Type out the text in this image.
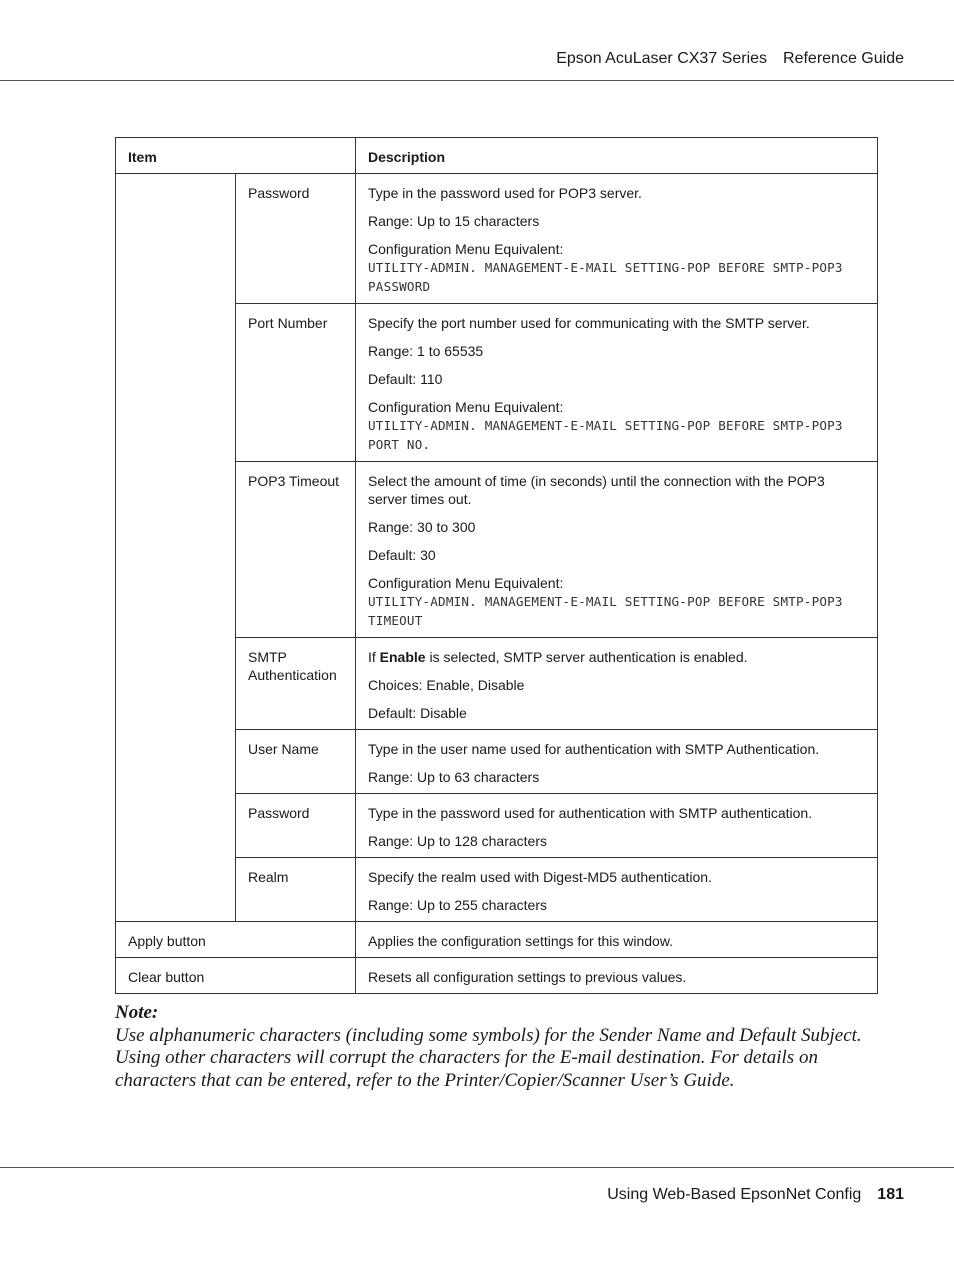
Epson AcuLaser CX37 Series Reference Guide
Item		Description
	Password	Type in the password used for POP3 server.

Range: Up to 15 characters

Configuration Menu Equivalent:
UTILITY-ADMIN. MANAGEMENT-E-MAIL SETTING-POP BEFORE SMTP-POP3 PASSWORD

	Port Number	Specify the port number used for communicating with the SMTP server.

Range: 1 to 65535

Default: 110

Configuration Menu Equivalent:
UTILITY-ADMIN. MANAGEMENT-E-MAIL SETTING-POP BEFORE SMTP-POP3 PORT NO.

	POP3 Timeout	Select the amount of time (in seconds) until the connection with the POP3 server times out.

Range: 30 to 300

Default: 30

Configuration Menu Equivalent:
UTILITY-ADMIN. MANAGEMENT-E-MAIL SETTING-POP BEFORE SMTP-POP3 TIMEOUT

	SMTP Authentication	If Enable is selected, SMTP server authentication is enabled.

Choices: Enable, Disable

Default: Disable

	User Name	Type in the user name used for authentication with SMTP Authentication.

Range: Up to 63 characters

	Password	Type in the password used for authentication with SMTP authentication.

Range: Up to 128 characters

	Realm	Specify the realm used with Digest-MD5 authentication.

Range: Up to 255 characters

Apply button		Applies the configuration settings for this window.
Clear button		Resets all configuration settings to previous values.
Note:
Use alphanumeric characters (including some symbols) for the Sender Name and Default Subject. Using other characters will corrupt the characters for the E-mail destination. For details on characters that can be entered, refer to the Printer/Copier/Scanner User’s Guide.
Using Web-Based EpsonNet Config 181
